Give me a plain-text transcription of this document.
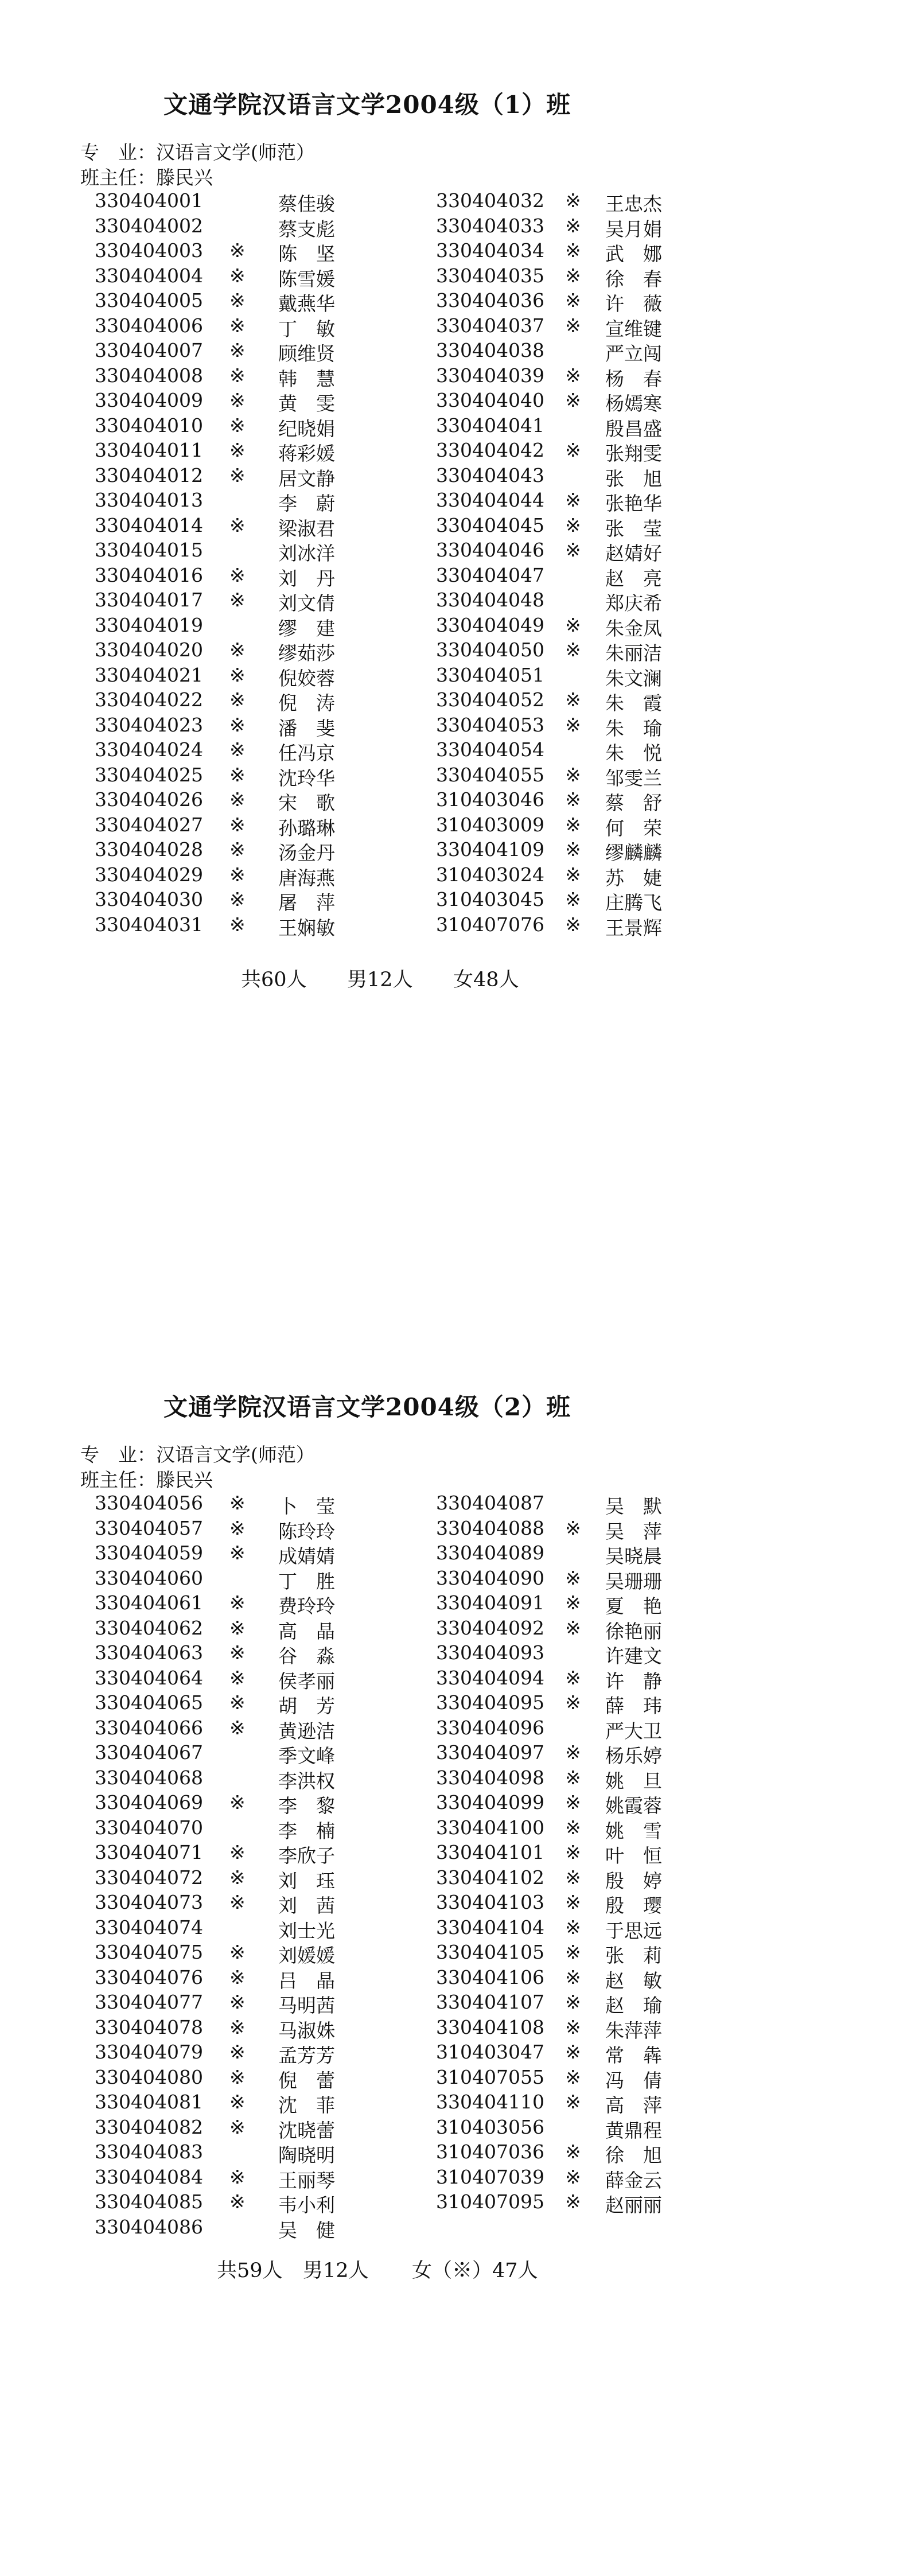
文通学院汉语言文学2004级（1）班
专　业：汉语言文学(师范）
班主任：滕民兴
330404001	蔡佳骏	330404032 ※ 王忠杰
330404002	蔡支彪	330404033 ※ 吴月娟
330404003 ※ 陈　坚	330404034 ※ 武　娜
330404004 ※ 陈雪媛	330404035 ※ 徐　春
330404005 ※ 戴燕华	330404036 ※ 许　薇
330404006 ※ 丁　敏	330404037 ※ 宣维键
330404007 ※ 顾维贤	330404038	严立闯
330404008 ※ 韩　慧	330404039 ※ 杨　春
330404009 ※ 黄　雯	330404040 ※ 杨嫣寒
330404010 ※ 纪晓娟	330404041	殷昌盛
330404011 ※ 蒋彩媛	330404042 ※ 张翔雯
330404012 ※ 居文静	330404043	张　旭
330404013	李　蔚	330404044 ※ 张艳华
330404014 ※ 梁淑君	330404045 ※ 张　莹
330404015	刘冰洋	330404046 ※ 赵婧好
330404016 ※ 刘　丹	330404047	赵　亮
330404017 ※ 刘文倩	330404048	郑庆希
330404019	缪　建	330404049 ※ 朱金凤
330404020 ※ 缪茹莎	330404050 ※ 朱丽洁
330404021 ※ 倪姣蓉	330404051	朱文澜
330404022 ※ 倪　涛	330404052 ※ 朱　霞
330404023 ※ 潘　斐	330404053 ※ 朱　瑜
330404024 ※ 任冯京	330404054	朱　悦
330404025 ※ 沈玲华	330404055 ※ 邹雯兰
330404026 ※ 宋　歌	310403046 ※ 蔡　舒
330404027 ※ 孙璐琳	310403009 ※ 何　荣
330404028 ※ 汤金丹	330404109 ※ 缪麟麟
330404029 ※ 唐海燕	310403024 ※ 苏　婕
330404030 ※ 屠　萍	310403045 ※ 庄腾飞
330404031 ※ 王娴敏	310407076 ※ 王景辉
共60人 男12人 女48人
文通学院汉语言文学2004级（2）班
专　业：汉语言文学(师范）
班主任：滕民兴
330404056 ※ 卜　莹	330404087	吴　默
330404057 ※ 陈玲玲	330404088 ※ 吴　萍
330404059 ※ 成婧婧	330404089	吴晓晨
330404060	丁　胜	330404090 ※ 吴珊珊
330404061 ※ 费玲玲	330404091 ※ 夏　艳
330404062 ※ 高　晶	330404092 ※ 徐艳丽
330404063 ※ 谷　淼	330404093	许建文
330404064 ※ 侯孝丽	330404094 ※ 许　静
330404065 ※ 胡　芳	330404095 ※ 薛　玮
330404066 ※ 黄逊洁	330404096	严大卫
330404067	季文峰	330404097 ※ 杨乐婷
330404068	李洪权	330404098 ※ 姚　旦
330404069 ※ 李　黎	330404099 ※ 姚霞蓉
330404070	李　楠	330404100 ※ 姚　雪
330404071 ※ 李欣子	330404101 ※ 叶　恒
330404072 ※ 刘　珏	330404102 ※ 殷　婷
330404073 ※ 刘　茜	330404103 ※ 殷　璎
330404074	刘士光	330404104 ※ 于思远
330404075 ※ 刘媛媛	330404105 ※ 张　莉
330404076 ※ 吕　晶	330404106 ※ 赵　敏
330404077 ※ 马明茜	330404107 ※ 赵　瑜
330404078 ※ 马淑姝	330404108 ※ 朱萍萍
330404079 ※ 孟芳芳	310403047 ※ 常　犇
330404080 ※ 倪　蕾	310407055 ※ 冯　倩
330404081 ※ 沈　菲	330404110 ※ 高　萍
330404082 ※ 沈晓蕾	310403056	黄鼎程
330404083	陶晓明	310407036 ※ 徐　旭
330404084 ※ 王丽琴	310407039 ※ 薛金云
330404085 ※ 韦小利	310407095 ※ 赵丽丽
330404086	吴　健
共59人 男12人 女（※）47人
